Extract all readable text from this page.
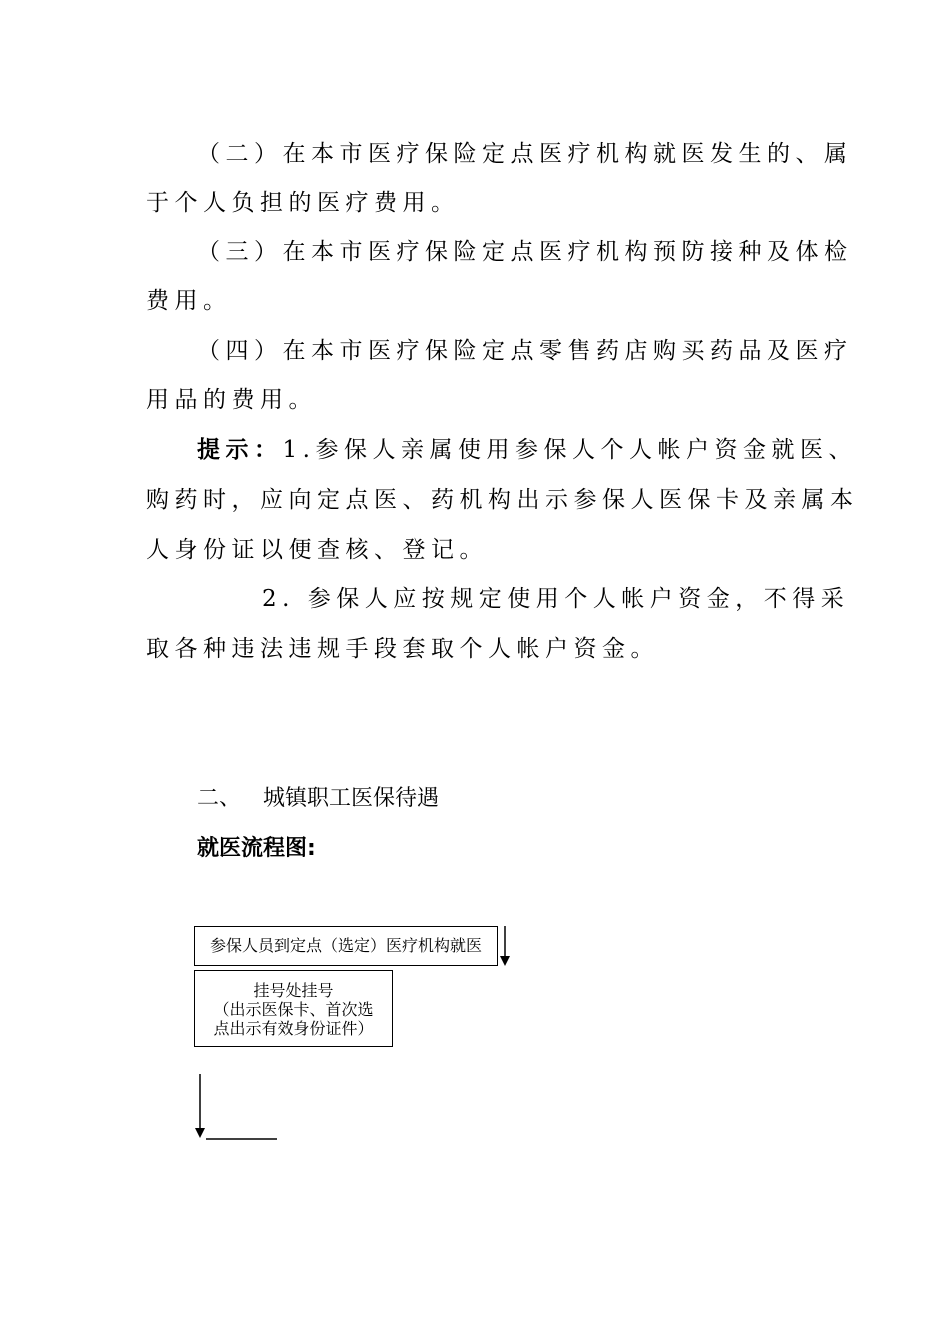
（二）在本市医疗保险定点医疗机构就医发生的、属

于个人负担的医疗费用。

（三）在本市医疗保险定点医疗机构预防接种及体检

费用。

（四）在本市医疗保险定点零售药店购买药品及医疗

用品的费用。

提示：1.参保人亲属使用参保人个人帐户资金就医、

购药时，应向定点医、药机构出示参保人医保卡及亲属本

人身份证以便查核、登记。

2. 参保人应按规定使用个人帐户资金，不得采

取各种违法违规手段套取个人帐户资金。

二、 城镇职工医保待遇

就医流程图:

参保人员到定点（选定）医疗机构就医
挂号处挂号
（出示医保卡、首次选
点出示有效身份证件）
